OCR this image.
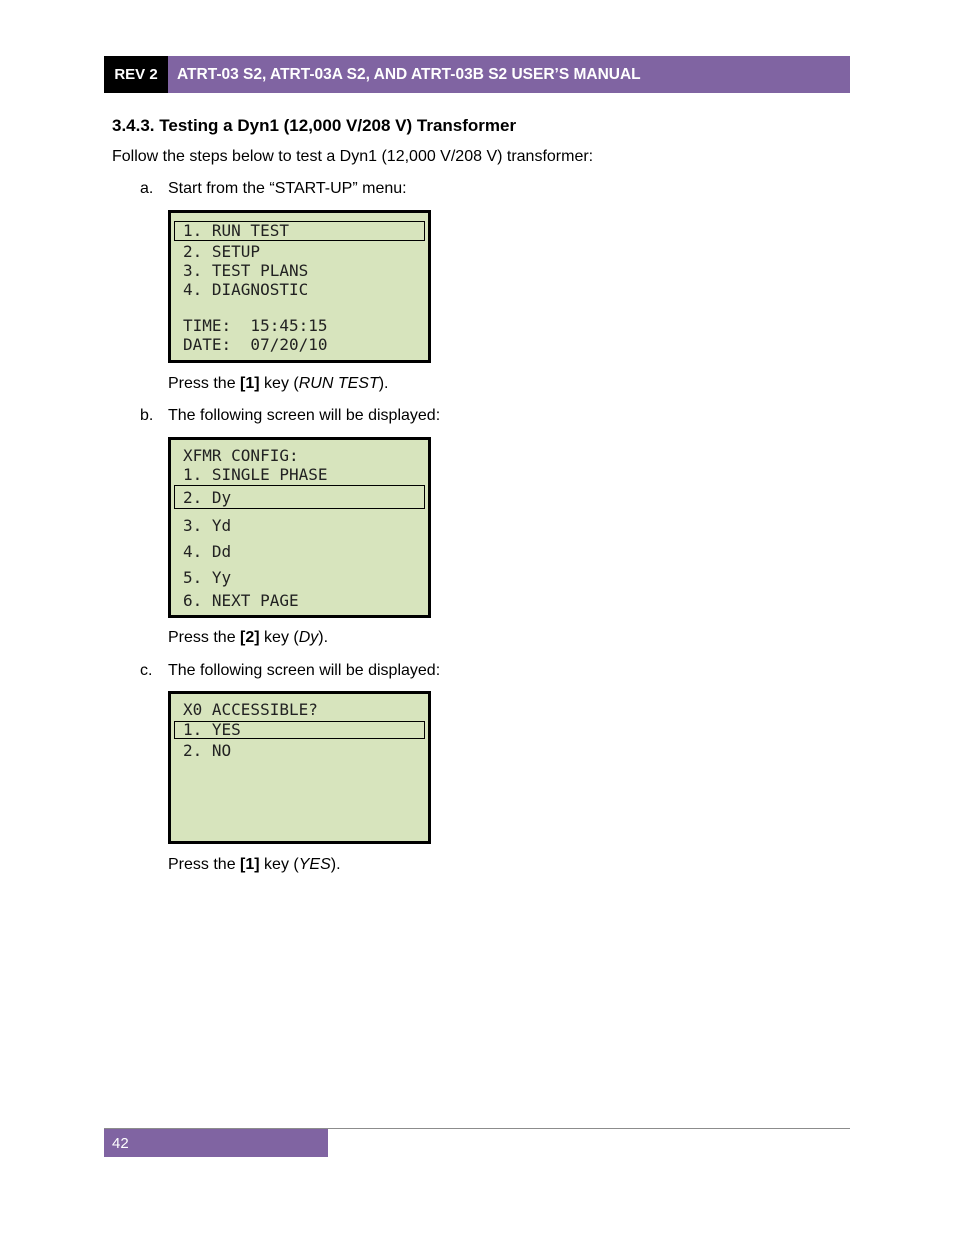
REV 2	ATRT-03 S2, ATRT-03A S2, AND ATRT-03B S2 USER’S MANUAL
3.4.3. Testing a Dyn1 (12,000 V/208 V) Transformer
Follow the steps below to test a Dyn1 (12,000 V/208 V) transformer:
a. Start from the “START-UP” menu:
1. RUN TEST
2. SETUP
3. TEST PLANS
4. DIAGNOSTIC
TIME:  15:45:15
DATE:  07/20/10
Press the [1] key (RUN TEST).
b. The following screen will be displayed:
XFMR CONFIG:
1. SINGLE PHASE
2. Dy
3. Yd
4. Dd
5. Yy
6. NEXT PAGE
Press the [2] key (Dy).
c. The following screen will be displayed:
X0 ACCESSIBLE?
1. YES
2. NO
Press the [1] key (YES).
42
